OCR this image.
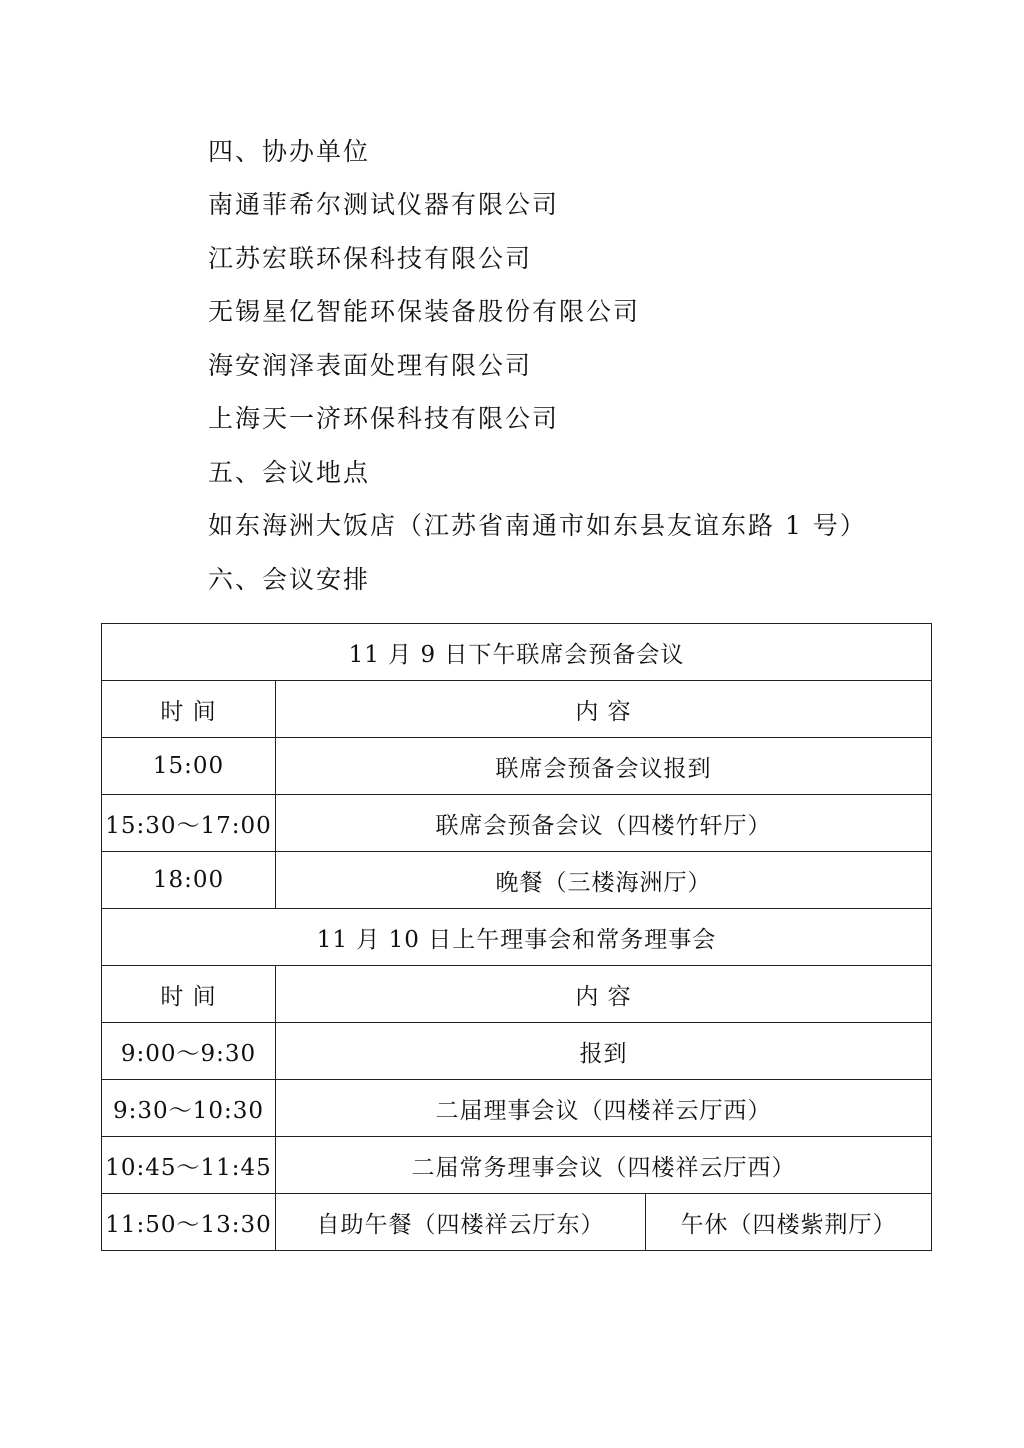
四、协办单位
南通菲希尔测试仪器有限公司
江苏宏联环保科技有限公司
无锡星亿智能环保装备股份有限公司
海安润泽表面处理有限公司
上海天一济环保科技有限公司
五、会议地点
如东海洲大饭店（江苏省南通市如东县友谊东路 1 号）
六、会议安排
11 月 9 日下午联席会预备会议		
时 间	内 容	
15:00	联席会预备会议报到	
15:30～17:00	联席会预备会议（四楼竹轩厅）	
18:00	晚餐（三楼海洲厅）	
11 月 10 日上午理事会和常务理事会		
时 间	内 容	
9:00～9:30	报到	
9:30～10:30	二届理事会议（四楼祥云厅西）	
10:45～11:45	二届常务理事会议（四楼祥云厅西）	
11:50～13:30	自助午餐（四楼祥云厅东）	午休（四楼紫荆厅）
